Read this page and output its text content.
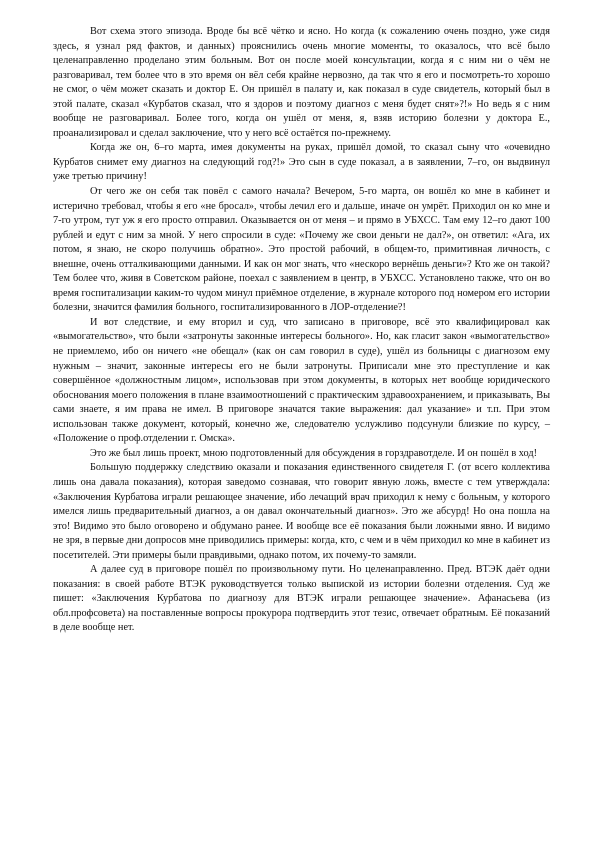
Вот схема этого эпизода. Вроде бы всё чётко и ясно. Но когда (к сожалению очень поздно, уже сидя здесь, я узнал ряд фактов, и данных) прояснились очень многие моменты, то оказалось, что всё было целенаправленно проделано этим больным. Вот он после моей консультации, когда я с ним ни о чём не разговаривал, тем более что в это время он вёл себя крайне нервозно, да так что я его и посмотреть-то хорошо не смог, о чём может сказать и доктор Е. Он пришёл в палату и, как показал в суде свидетель, который был в этой палате, сказал «Курбатов сказал, что я здоров и поэтому диагноз с меня будет снят»?!» Но ведь я с ним вообще не разговаривал. Более того, когда он ушёл от меня, я, взяв историю болезни у доктора Е., проанализировал и сделал заключение, что у него всё остаётся по-прежнему.

Когда же он, 6–го марта, имея документы на руках, пришёл домой, то сказал сыну что «очевидно Курбатов снимет ему диагноз на следующий год?!» Это сын в суде показал, а в заявлении, 7–го, он выдвинул уже третью причину!

От чего же он себя так повёл с самого начала? Вечером, 5-го марта, он вошёл ко мне в кабинет и истерично требовал, чтобы я его «не бросал», чтобы лечил его и дальше, иначе он умрёт. Приходил он ко мне и 7-го утром, тут уж я его просто отправил. Оказывается он от меня – и прямо в УБХСС. Там ему 12–го дают 100 рублей и едут с ним за мной. У него спросили в суде: «Почему же свои деньги не дал?», он ответил: «Ага, их потом, я знаю, не скоро получишь обратно». Это простой рабочий, в общем-то, примитивная личность, с внешне, очень отталкивающими данными. И как он мог знать, что «нескоро вернёшь деньги»? Кто же он такой? Тем более что, живя в Советском районе, поехал с заявлением в центр, в УБХСС. Установлено также, что он во время госпитализации каким-то чудом минул приёмное отделение, в журнале которого под номером его истории болезни, значится фамилия больного, госпитализированного в ЛОР-отделение?!

И вот следствие, и ему вторил и суд, что записано в приговоре, всё это квалифицировал как «вымогательство», что были «затронуты законные интересы больного». Но, как гласит закон «вымогательство» не приемлемо, ибо он ничего «не обещал» (как он сам говорил в суде), ушёл из больницы с диагнозом ему нужным – значит, законные интересы его не были затронуты. Приписали мне это преступление и как совершённое «должностным лицом», использовав при этом документы, в которых нет вообще юридического обоснования моего положения в плане взаимоотношений с практическим здравоохранением, и приказывать, Вы сами знаете, я им права не имел. В приговоре значатся такие выражения: дал указание» и т.п. При этом использован также документ, который, конечно же, следователю услужливо подсунули близкие по курсу, – «Положение о проф.отделении г. Омска».

Это же был лишь проект, мною подготовленный для обсуждения в горздравотделе. И он пошёл в ход!

Большую поддержку следствию оказали и показания единственного свидетеля Г. (от всего коллектива лишь она давала показания), которая заведомо сознавая, что говорит явную ложь, вместе с тем утверждала: «Заключения Курбатова играли решающее значение, ибо лечащий врач приходил к нему с больным, у которого имелся лишь предварительный диагноз, а он давал окончательный диагноз». Это же абсурд! Но она пошла на это! Видимо это было оговорено и обдумано ранее. И вообще все её показания были ложными явно. И видимо не зря, в первые дни допросов мне приводились примеры: когда, кто, с чем и в чём приходил ко мне в кабинет из посетителей. Эти примеры были правдивыми, однако потом, их почему-то замяли.

А далее суд в приговоре пошёл по произвольному пути. Но целенаправленно. Пред. ВТЭК даёт одни показания: в своей работе ВТЭК руководствуется только выпиской из истории болезни отделения. Суд же пишет: «Заключения Курбатова по диагнозу для ВТЭК играли решающее значение». Афанасьева (из обл.профсовета) на поставленные вопросы прокурора подтвердить этот тезис, отвечает обратным. Её показаний в деле вообще нет.
